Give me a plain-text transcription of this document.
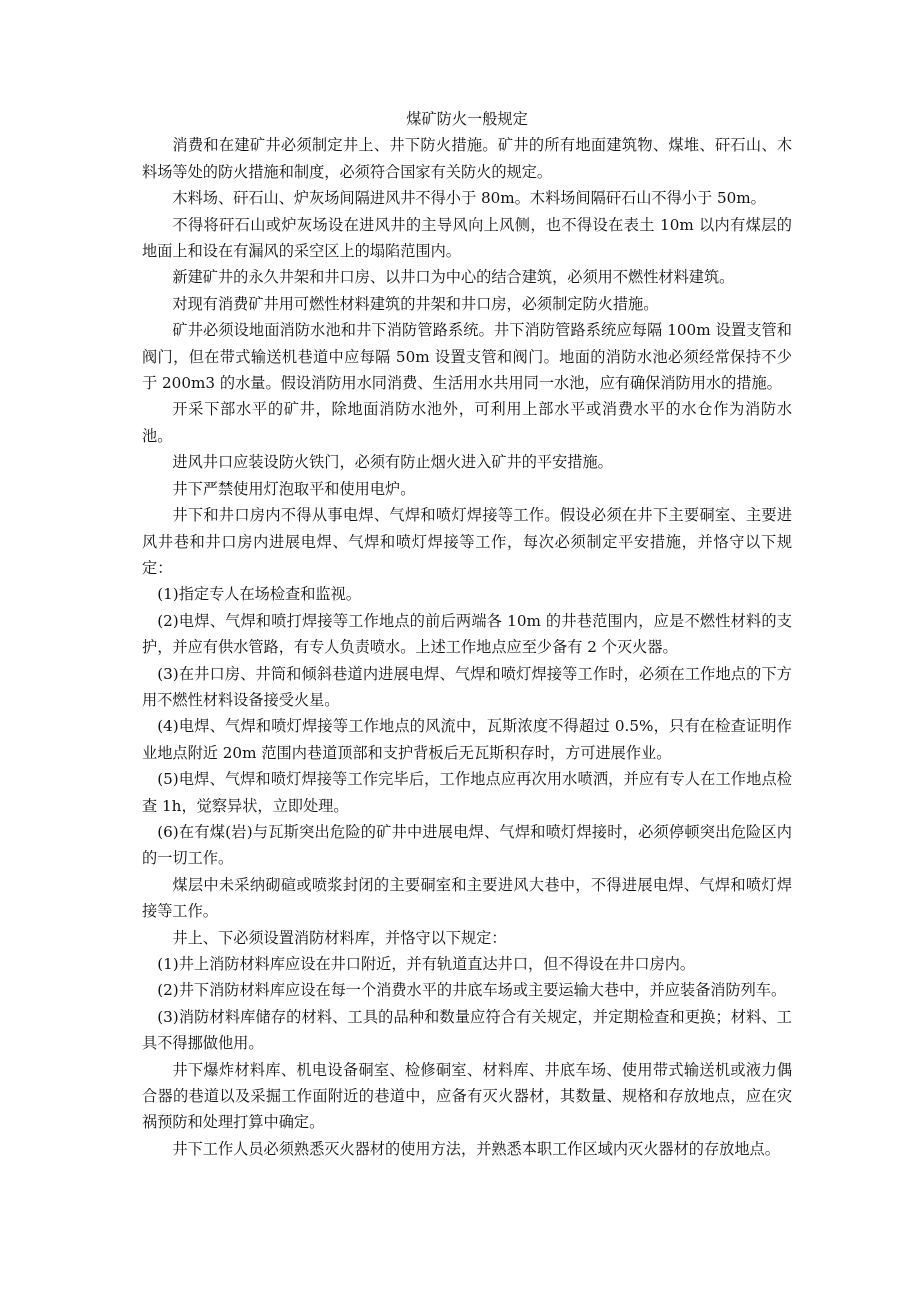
煤矿防火一般规定

消费和在建矿井必须制定井上、井下防火措施。矿井的所有地面建筑物、煤堆、矸石山、木料场等处的防火措施和制度，必须符合国家有关防火的规定。

木料场、矸石山、炉灰场间隔进风井不得小于 80m。木料场间隔矸石山不得小于 50m。

不得将矸石山或炉灰场设在进风井的主导风向上风侧，也不得设在表土 10m 以内有煤层的地面上和设在有漏风的采空区上的塌陷范围内。

新建矿井的永久井架和井口房、以井口为中心的结合建筑，必须用不燃性材料建筑。

对现有消费矿井用可燃性材料建筑的井架和井口房，必须制定防火措施。

矿井必须设地面消防水池和井下消防管路系统。井下消防管路系统应每隔 100m 设置支管和阀门，但在带式输送机巷道中应每隔 50m 设置支管和阀门。地面的消防水池必须经常保持不少于 200m3 的水量。假设消防用水同消费、生活用水共用同一水池，应有确保消防用水的措施。

开采下部水平的矿井，除地面消防水池外，可利用上部水平或消费水平的水仓作为消防水池。

进风井口应装设防火铁门，必须有防止烟火进入矿井的平安措施。

井下严禁使用灯泡取平和使用电炉。

井下和井口房内不得从事电焊、气焊和喷灯焊接等工作。假设必须在井下主要硐室、主要进风井巷和井口房内进展电焊、气焊和喷灯焊接等工作，每次必须制定平安措施，并恪守以下规定：

(1)指定专人在场检查和监视。

(2)电焊、气焊和喷打焊接等工作地点的前后两端各 10m 的井巷范围内，应是不燃性材料的支护，并应有供水管路，有专人负责喷水。上述工作地点应至少备有 2 个灭火器。

(3)在井口房、井筒和倾斜巷道内进展电焊、气焊和喷灯焊接等工作时，必须在工作地点的下方用不燃性材料设备接受火星。

(4)电焊、气焊和喷灯焊接等工作地点的风流中，瓦斯浓度不得超过 0.5%，只有在检查证明作业地点附近 20m 范围内巷道顶部和支护背板后无瓦斯积存时，方可进展作业。

(5)电焊、气焊和喷灯焊接等工作完毕后，工作地点应再次用水喷洒，并应有专人在工作地点检查 1h，觉察异状，立即处理。

(6)在有煤(岩)与瓦斯突出危险的矿井中进展电焊、气焊和喷灯焊接时，必须停顿突出危险区内的一切工作。

煤层中未采纳砌碹或喷浆封闭的主要硐室和主要进风大巷中，不得进展电焊、气焊和喷灯焊接等工作。

井上、下必须设置消防材料库，并恪守以下规定：

(1)井上消防材料库应设在井口附近，并有轨道直达井口，但不得设在井口房内。

(2)井下消防材料库应设在每一个消费水平的井底车场或主要运输大巷中，并应装备消防列车。

(3)消防材料库储存的材料、工具的品种和数量应符合有关规定，并定期检查和更换；材料、工具不得挪做他用。

井下爆炸材料库、机电设备硐室、检修硐室、材料库、井底车场、使用带式输送机或液力偶合器的巷道以及采掘工作面附近的巷道中，应备有灭火器材，其数量、规格和存放地点，应在灾祸预防和处理打算中确定。

井下工作人员必须熟悉灭火器材的使用方法，并熟悉本职工作区域内灭火器材的存放地点。
